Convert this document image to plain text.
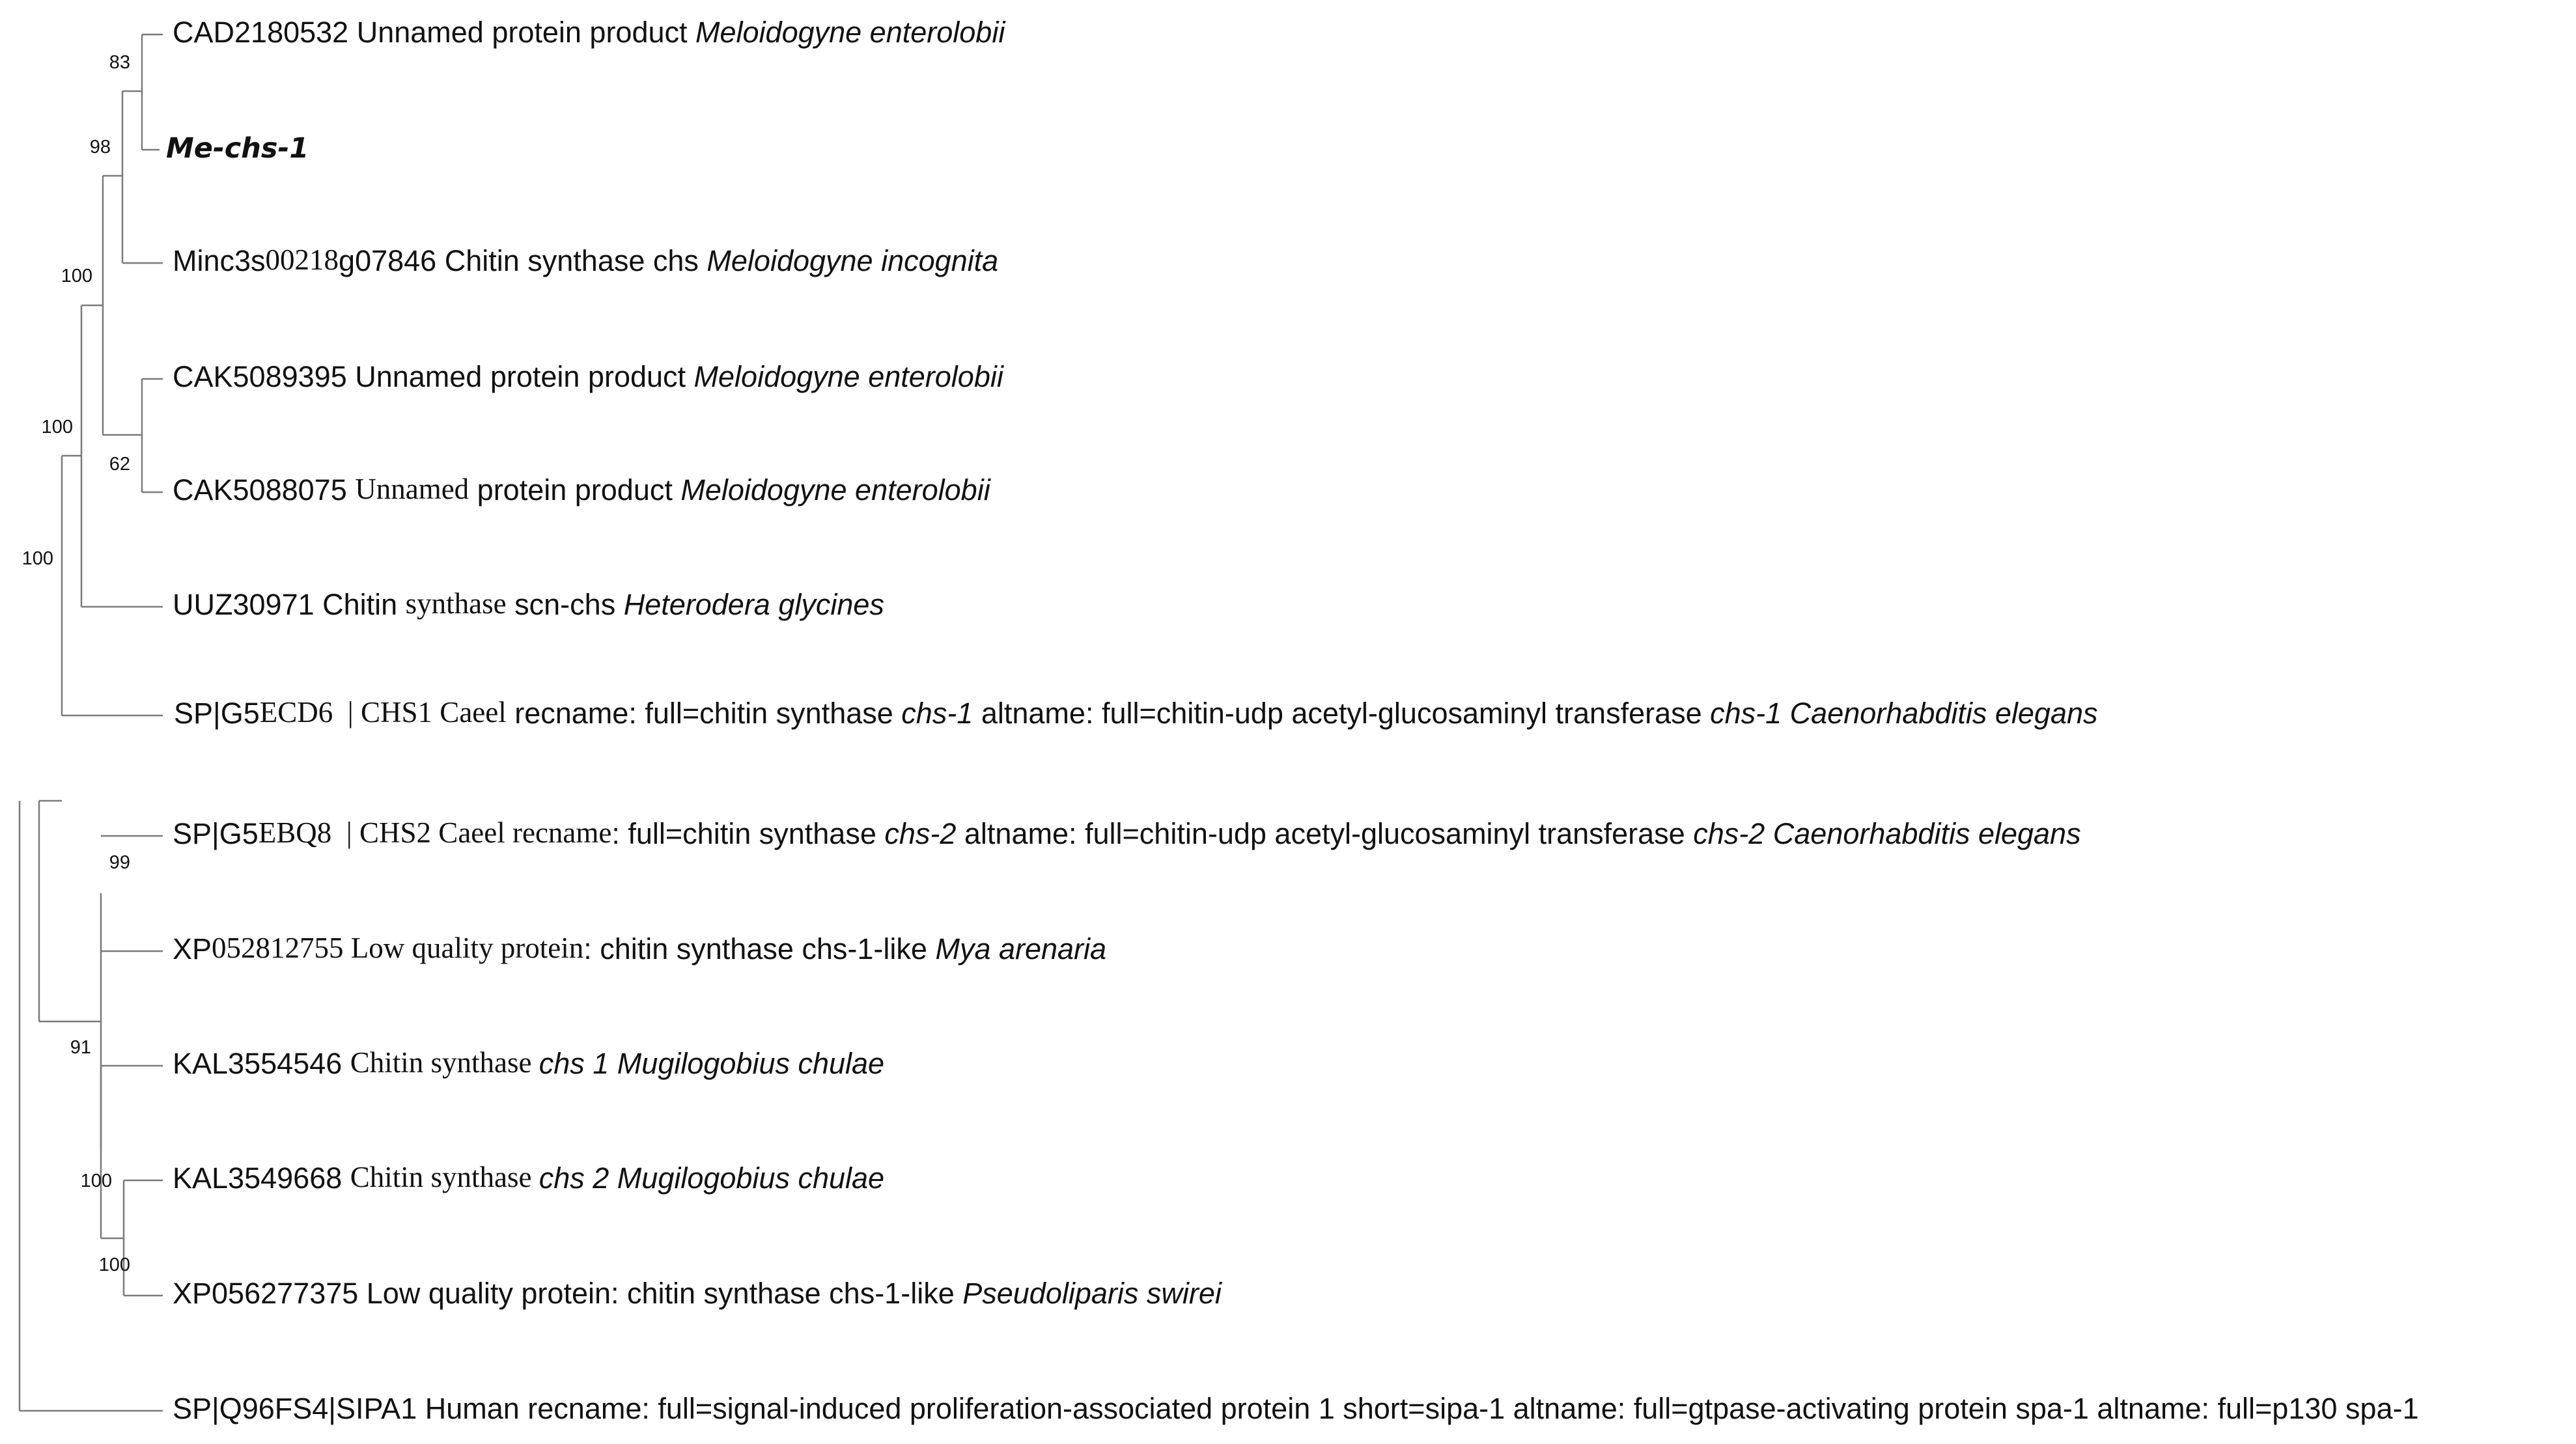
CAD2180532 Unnamed protein product Meloidogyne enterolobii
Me-chs-1
Minc3s00218g07846 Chitin synthase chs Meloidogyne incognita
CAK5089395 Unnamed protein product Meloidogyne enterolobii
CAK5088075 Unnamed protein product Meloidogyne enterolobii
UUZ30971 Chitin synthase scn-chs Heterodera glycines
SP|G5ECD6  | CHS1 Caeel recname: full=chitin synthase chs-1 altname: full=chitin-udp acetyl-glucosaminyl transferase chs-1 Caenorhabditis elegans
SP|G5EBQ8  | CHS2 Caeel recname: full=chitin synthase chs-2 altname: full=chitin-udp acetyl-glucosaminyl transferase chs-2 Caenorhabditis elegans
XP052812755 Low quality protein: chitin synthase chs-1-like Mya arenaria
KAL3554546 Chitin synthase chs 1 Mugilogobius chulae
KAL3549668 Chitin synthase chs 2 Mugilogobius chulae
XP056277375 Low quality protein: chitin synthase chs-1-like Pseudoliparis swirei
SP|Q96FS4|SIPA1 Human recname: full=signal-induced proliferation-associated protein 1 short=sipa-1 altname: full=gtpase-activating protein spa-1 altname: full=p130 spa-1
83
98
100
62
100
100
99
91
100
100
